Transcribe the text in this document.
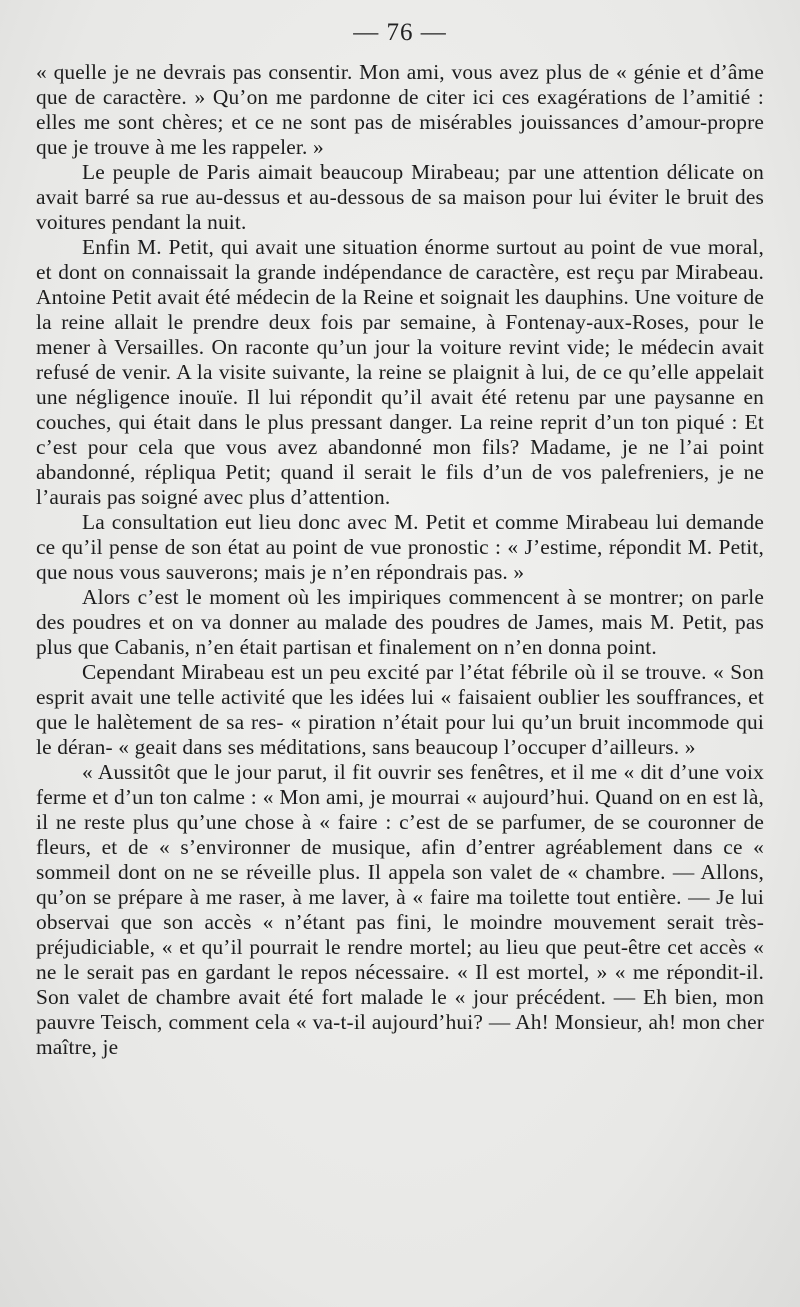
— 76 —

« quelle je ne devrais pas consentir. Mon ami, vous avez plus de « génie et d’âme que de caractère. » Qu’on me pardonne de citer ici ces exagérations de l’amitié : elles me sont chères; et ce ne sont pas de misérables jouissances d’amour-propre que je trouve à me les rappeler. »

Le peuple de Paris aimait beaucoup Mirabeau; par une attention délicate on avait barré sa rue au-dessus et au-dessous de sa maison pour lui éviter le bruit des voitures pendant la nuit.

Enfin M. Petit, qui avait une situation énorme surtout au point de vue moral, et dont on connaissait la grande indépendance de caractère, est reçu par Mirabeau. Antoine Petit avait été médecin de la Reine et soignait les dauphins. Une voiture de la reine allait le prendre deux fois par semaine, à Fontenay-aux-Roses, pour le mener à Versailles. On raconte qu’un jour la voiture revint vide; le médecin avait refusé de venir. A la visite suivante, la reine se plaignit à lui, de ce qu’elle appelait une négligence inouïe. Il lui répondit qu’il avait été retenu par une paysanne en couches, qui était dans le plus pressant danger. La reine reprit d’un ton piqué : Et c’est pour cela que vous avez abandonné mon fils? Madame, je ne l’ai point abandonné, répliqua Petit; quand il serait le fils d’un de vos palefreniers, je ne l’aurais pas soigné avec plus d’attention.

La consultation eut lieu donc avec M. Petit et comme Mirabeau lui demande ce qu’il pense de son état au point de vue pronostic : « J’estime, répondit M. Petit, que nous vous sauverons; mais je n’en répondrais pas. »

Alors c’est le moment où les impiriques commencent à se montrer; on parle des poudres et on va donner au malade des poudres de James, mais M. Petit, pas plus que Cabanis, n’en était partisan et finalement on n’en donna point.

Cependant Mirabeau est un peu excité par l’état fébrile où il se trouve. « Son esprit avait une telle activité que les idées lui « faisaient oublier les souffrances, et que le halètement de sa res- « piration n’était pour lui qu’un bruit incommode qui le déran- « geait dans ses méditations, sans beaucoup l’occuper d’ailleurs. »

« Aussitôt que le jour parut, il fit ouvrir ses fenêtres, et il me « dit d’une voix ferme et d’un ton calme : « Mon ami, je mourrai « aujourd’hui. Quand on en est là, il ne reste plus qu’une chose à « faire : c’est de se parfumer, de se couronner de fleurs, et de « s’environner de musique, afin d’entrer agréablement dans ce « sommeil dont on ne se réveille plus. Il appela son valet de « chambre. — Allons, qu’on se prépare à me raser, à me laver, à « faire ma toilette tout entière. — Je lui observai que son accès « n’étant pas fini, le moindre mouvement serait très-préjudiciable, « et qu’il pourrait le rendre mortel; au lieu que peut-être cet accès « ne le serait pas en gardant le repos nécessaire. « Il est mortel, » « me répondit-il. Son valet de chambre avait été fort malade le « jour précédent. — Eh bien, mon pauvre Teisch, comment cela « va-t-il aujourd’hui? — Ah! Monsieur, ah! mon cher maître, je
